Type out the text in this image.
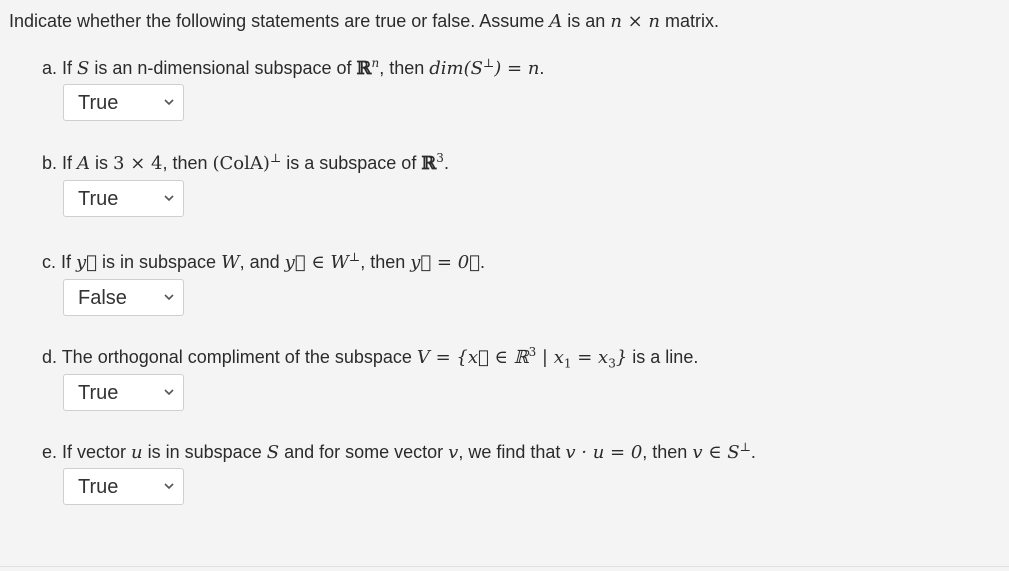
Indicate whether the following statements are true or false. Assume A is an n × n matrix.
a. If S is an n-dimensional subspace of ℝ$^n$, then dim(S⊥) = n.
True
b. If A is 3 × 4, then (ColA)⊥ is a subspace of ℝ$^3$.
True
c. If y⃗ is in subspace W, and y⃗ ∈ W⊥, then y⃗ = 0⃗.
False
d. The orthogonal compliment of the subspace V = {x⃗ ∈ ℝ$^3$ | $x_1 = x_3$} is a line.
True
e. If vector u is in subspace S and for some vector v, we find that v · u = 0, then v ∈ S⊥.
True
